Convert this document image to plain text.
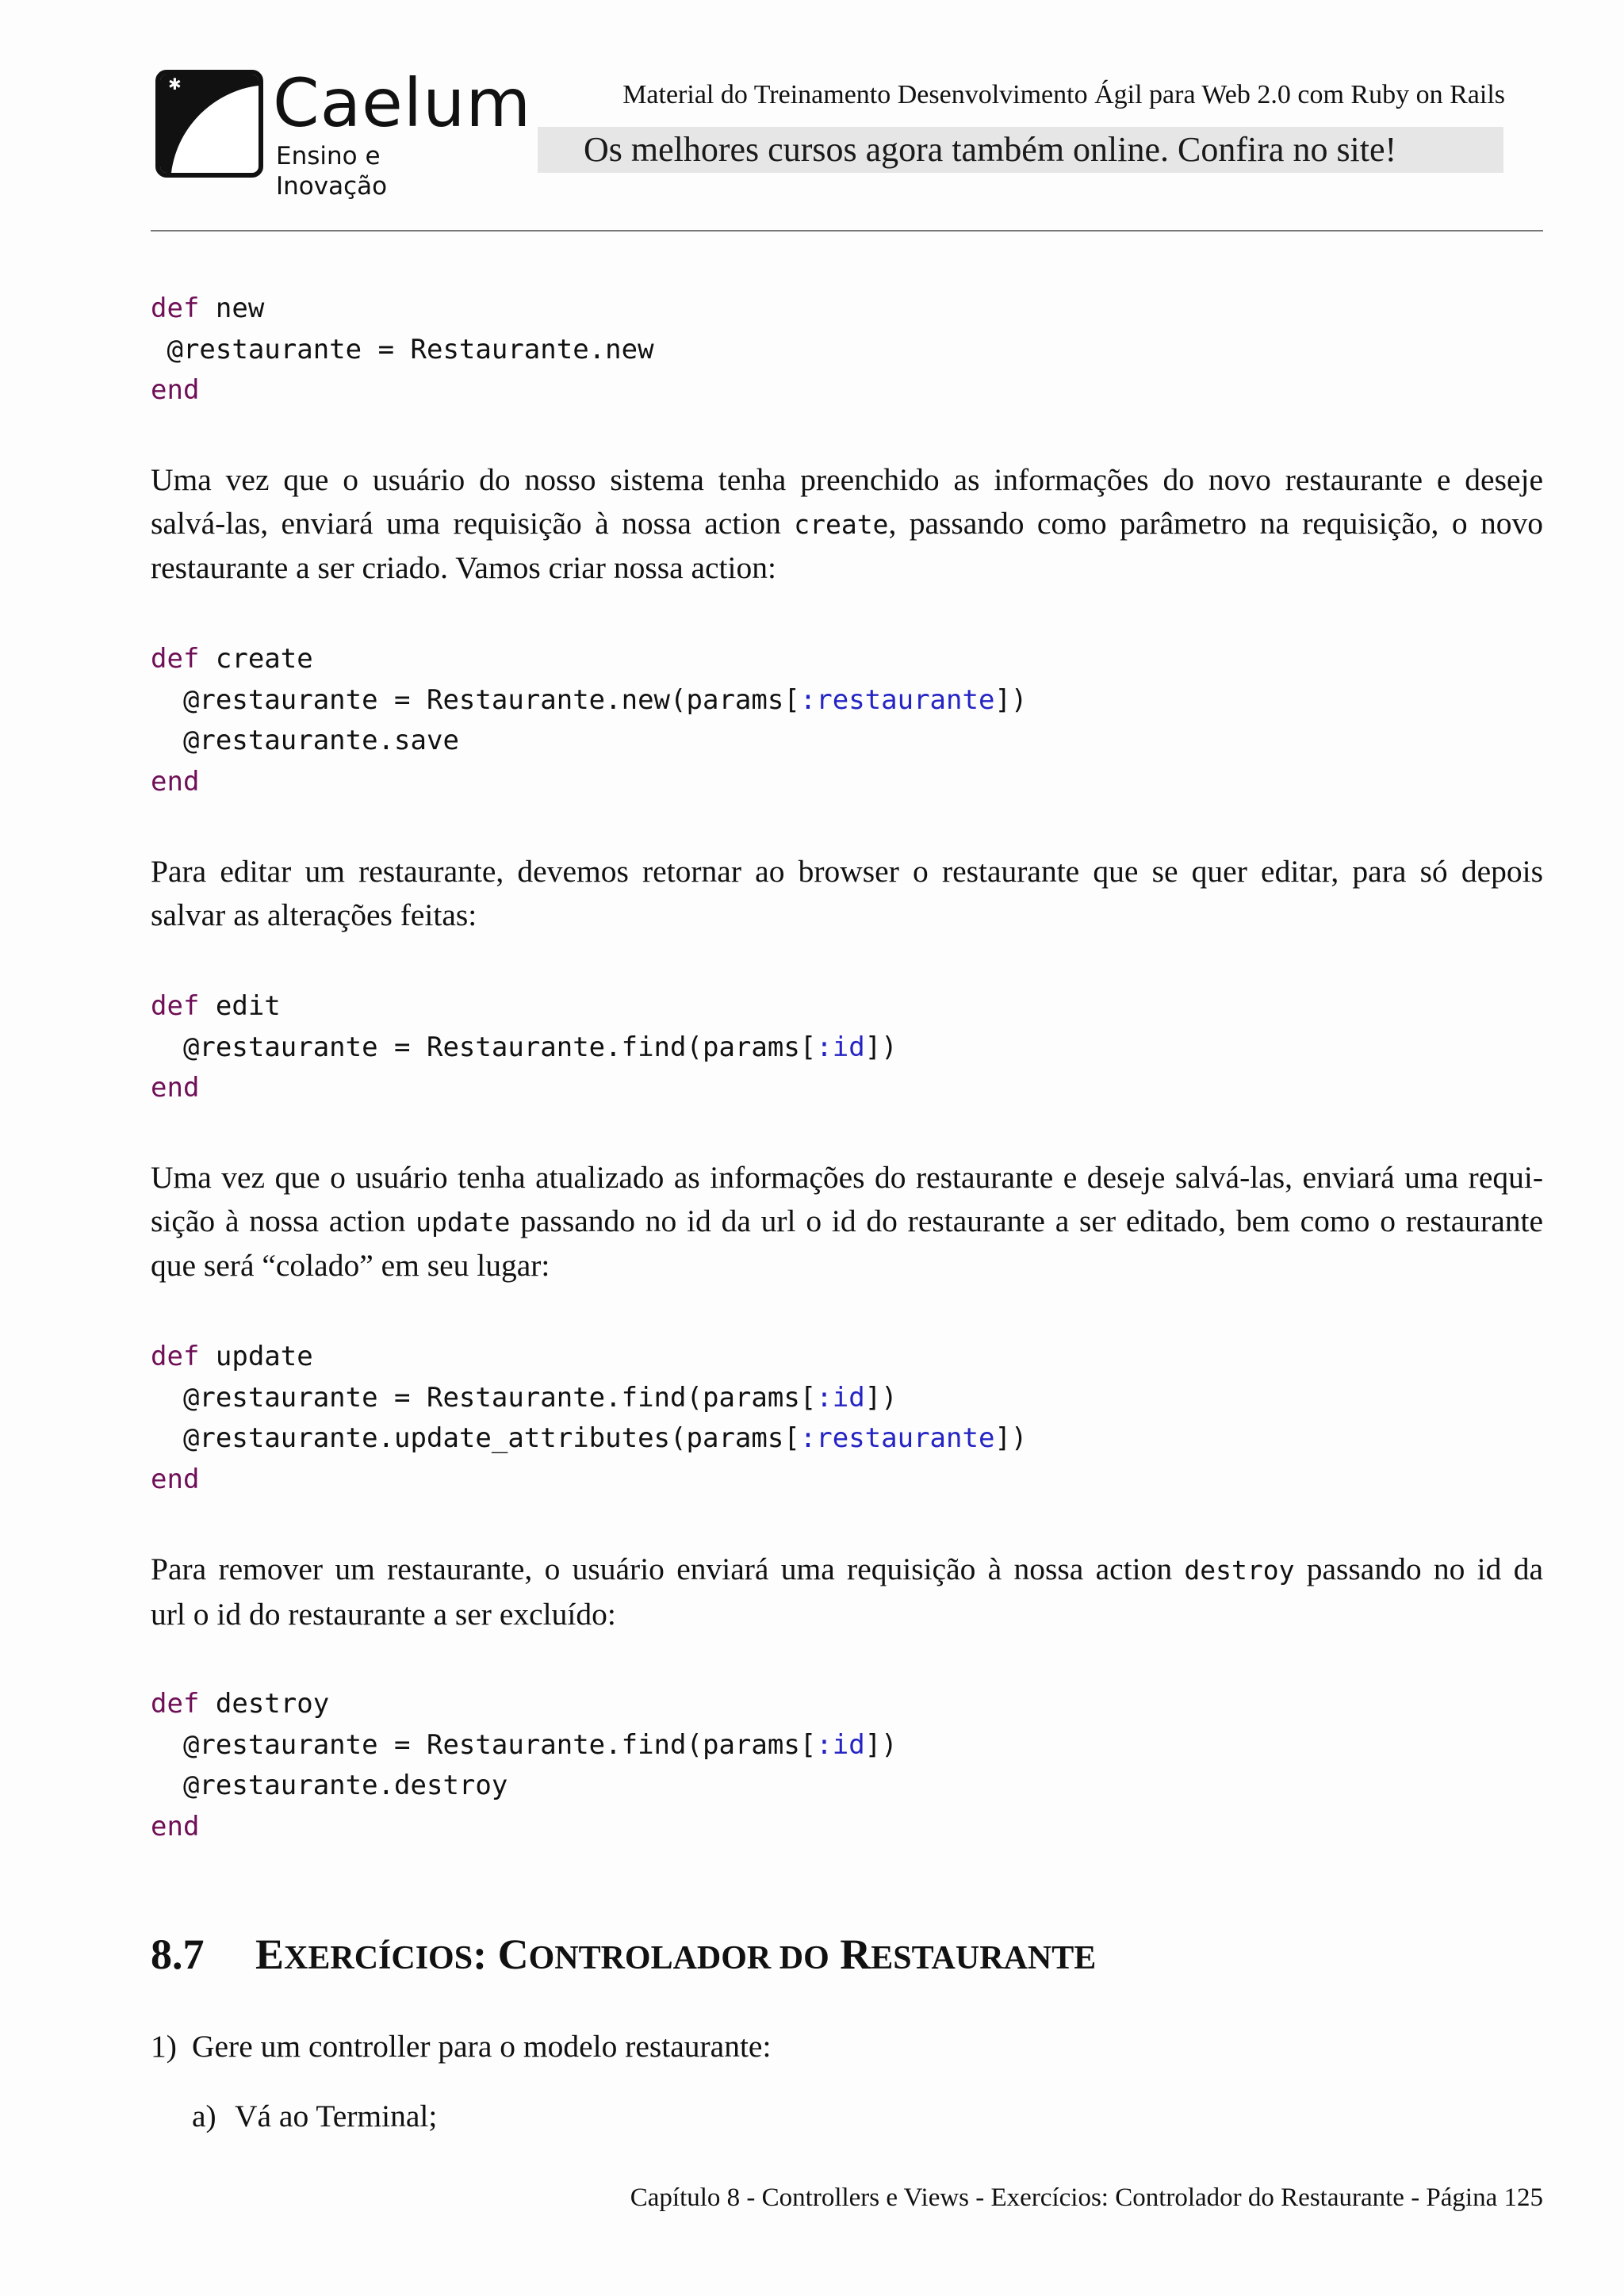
✱ Caelum
Ensino e Inovação
Material do Treinamento Desenvolvimento Ágil para Web 2.0 com Ruby on Rails
Os melhores cursos agora também online. Confira no site!
def new
@restaurante = Restaurante.new
end
Uma vez que o usuário do nosso sistema tenha preenchido as informações do novo restaurante e deseje
salvá-las, enviará uma requisição à nossa action create, passando como parâmetro na requisição, o novo
restaurante a ser criado. Vamos criar nossa action:
def create
@restaurante = Restaurante.new(params[:restaurante])
@restaurante.save
end
Para editar um restaurante, devemos retornar ao browser o restaurante que se quer editar, para só depois
salvar as alterações feitas:
def edit
@restaurante = Restaurante.find(params[:id])
end
Uma vez que o usuário tenha atualizado as informações do restaurante e deseje salvá-las, enviará uma requi-
sição à nossa action update passando no id da url o id do restaurante a ser editado, bem como o restaurante
que será “colado” em seu lugar:
def update
@restaurante = Restaurante.find(params[:id])
@restaurante.update_attributes(params[:restaurante])
end
Para remover um restaurante, o usuário enviará uma requisição à nossa action destroy passando no id da
url o id do restaurante a ser excluído:
def destroy
@restaurante = Restaurante.find(params[:id])
@restaurante.destroy
end
8.7 EXERCÍCIOS: CONTROLADOR DO RESTAURANTE
1) Gere um controller para o modelo restaurante:
a) Vá ao Terminal;
Capítulo 8 - Controllers e Views - Exercícios: Controlador do Restaurante - Página 125
